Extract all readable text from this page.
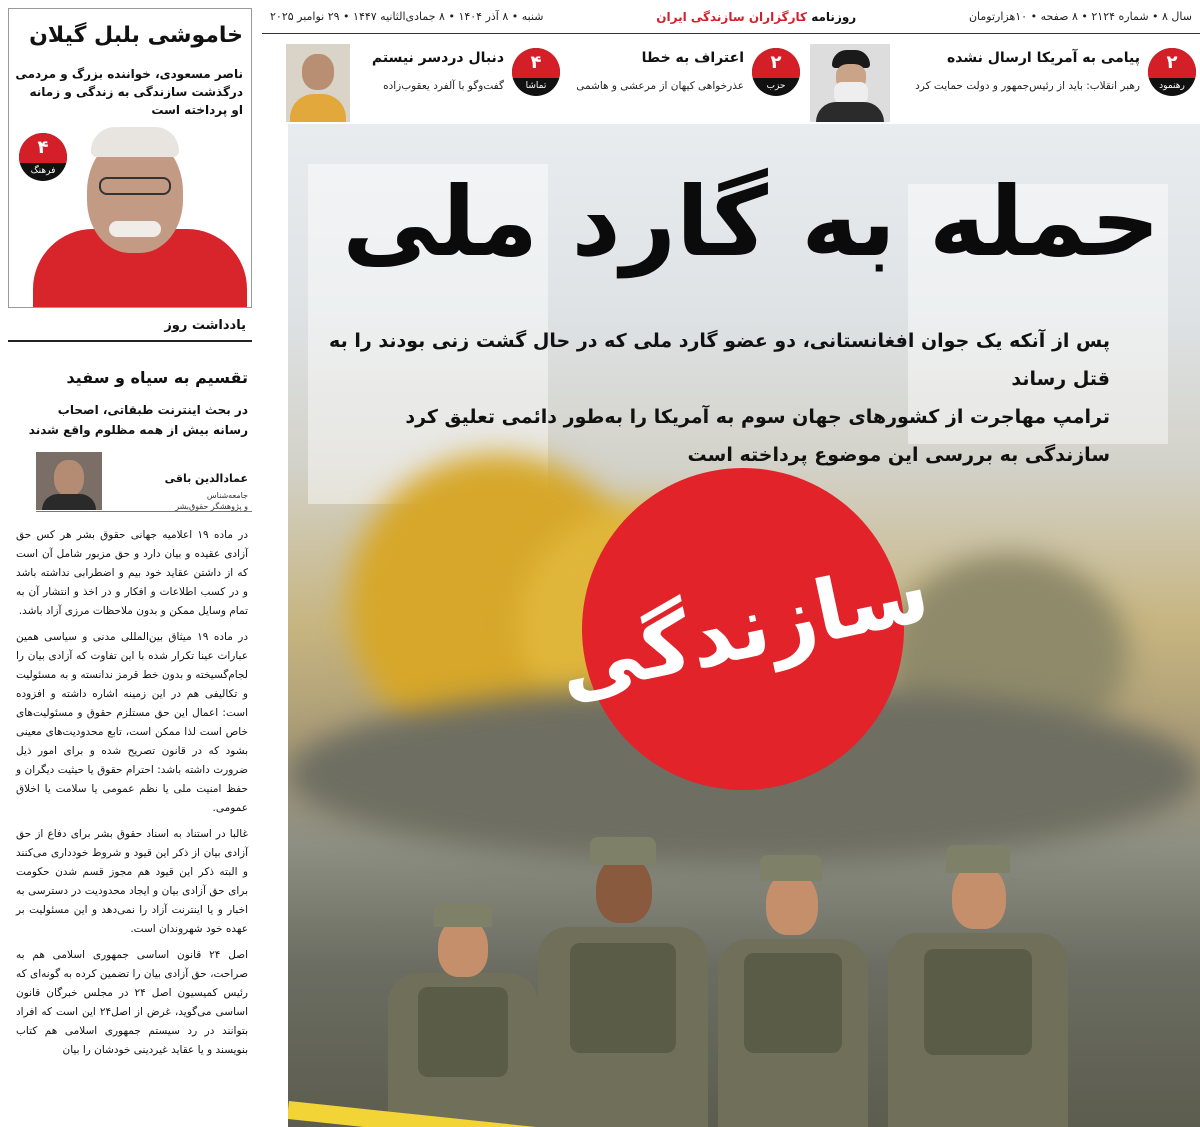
سال ۸ • شماره ۲۱۲۴ • ۸ صفحه • ۱۰هزارتومان
روزنامه کارگزاران سازندگی ایران
شنبه • ۸ آذر ۱۴۰۴ • ۸ جمادی‌الثانیه ۱۴۴۷ • ۲۹ نوامبر ۲۰۲۵
۲
رهنمود
پیامی به آمریکا ارسال نشده
رهبر انقلاب: باید از رئیس‌جمهور و دولت حمایت کرد
۲
حزب
اعتراف به خطا
عذرخواهی کیهان از مرعشی و هاشمی
۴
تماشا
دنبال دردسر نیستم
گفت‌وگو با آلفرد یعقوب‌زاده
حمله به گارد ملی
پس از آنکه یک جوان افغانستانی، دو عضو گارد ملی که در حال گشت زنی بودند را به قتل رساند
ترامپ مهاجرت از کشورهای جهان سوم به آمریکا را به‌طور دائمی تعلیق کرد
سازندگی به بررسی این موضوع پرداخته است
سازندگی
خاموشی بلبل گیلان
ناصر مسعودی، خواننده بزرگ و مردمی درگذشت سازندگی به زندگی و زمانه او پرداخته است
۴
فرهنگ
یادداشت روز
تقسیم به سیاه و سفید
در بحث اینترنت طبقاتی، اصحاب رسانه بیش از همه مظلوم واقع شدند
عمادالدین باقی
جامعه‌شناس
و پژوهشگر حقوق‌بشر

در ماده ۱۹ اعلامیه جهانی حقوق بشر هر کس حق آزادی عقیده و بیان دارد و حق مزبور شامل آن است که از داشتن عقاید خود بیم و اضطرابی نداشته باشد و در کسب اطلاعات و افکار و در اخذ و انتشار آن به تمام وسایل ممکن و بدون ملاحظات مرزی آزاد باشد.

در ماده ۱۹ میثاق بین‌المللی مدنی و سیاسی همین عبارات عینا تکرار شده با این تفاوت که آزادی بیان را لجام‌گسیخته و بدون خط قرمز ندانسته و به مسئولیت و تکالیفی هم در این زمینه اشاره داشته و افزوده است: اعمال این حق مستلزم حقوق و مسئولیت‌های خاص است لذا ممکن است، تابع محدودیت‌های معینی بشود که در قانون تصریح شده و برای امور ذیل ضرورت داشته باشد: احترام حقوق یا حیثیت دیگران و حفظ امنیت ملی یا نظم عمومی یا سلامت یا اخلاق عمومی.

غالبا در استناد به اسناد حقوق بشر برای دفاع از حق آزادی بیان از ذکر این قیود و شروط خودداری می‌کنند و البته ذکر این قیود هم مجوز قسم شدن حکومت برای حق آزادی بیان و ایجاد محدودیت در دسترسی به اخبار و یا اینترنت آزاد را نمی‌دهد و این مسئولیت بر عهده خود شهروندان است.

اصل ۲۴ قانون اساسی جمهوری اسلامی هم به صراحت، حق آزادی بیان را تضمین کرده به گونه‌ای که رئیس کمیسیون اصل ۲۴ در مجلس خبرگان قانون اساسی می‌گوید، غرض از اصل۲۴ این است که افراد بتوانند در رد سیستم جمهوری اسلامی هم کتاب بنویسند و یا عقاید غیردینی خودشان را بیان
